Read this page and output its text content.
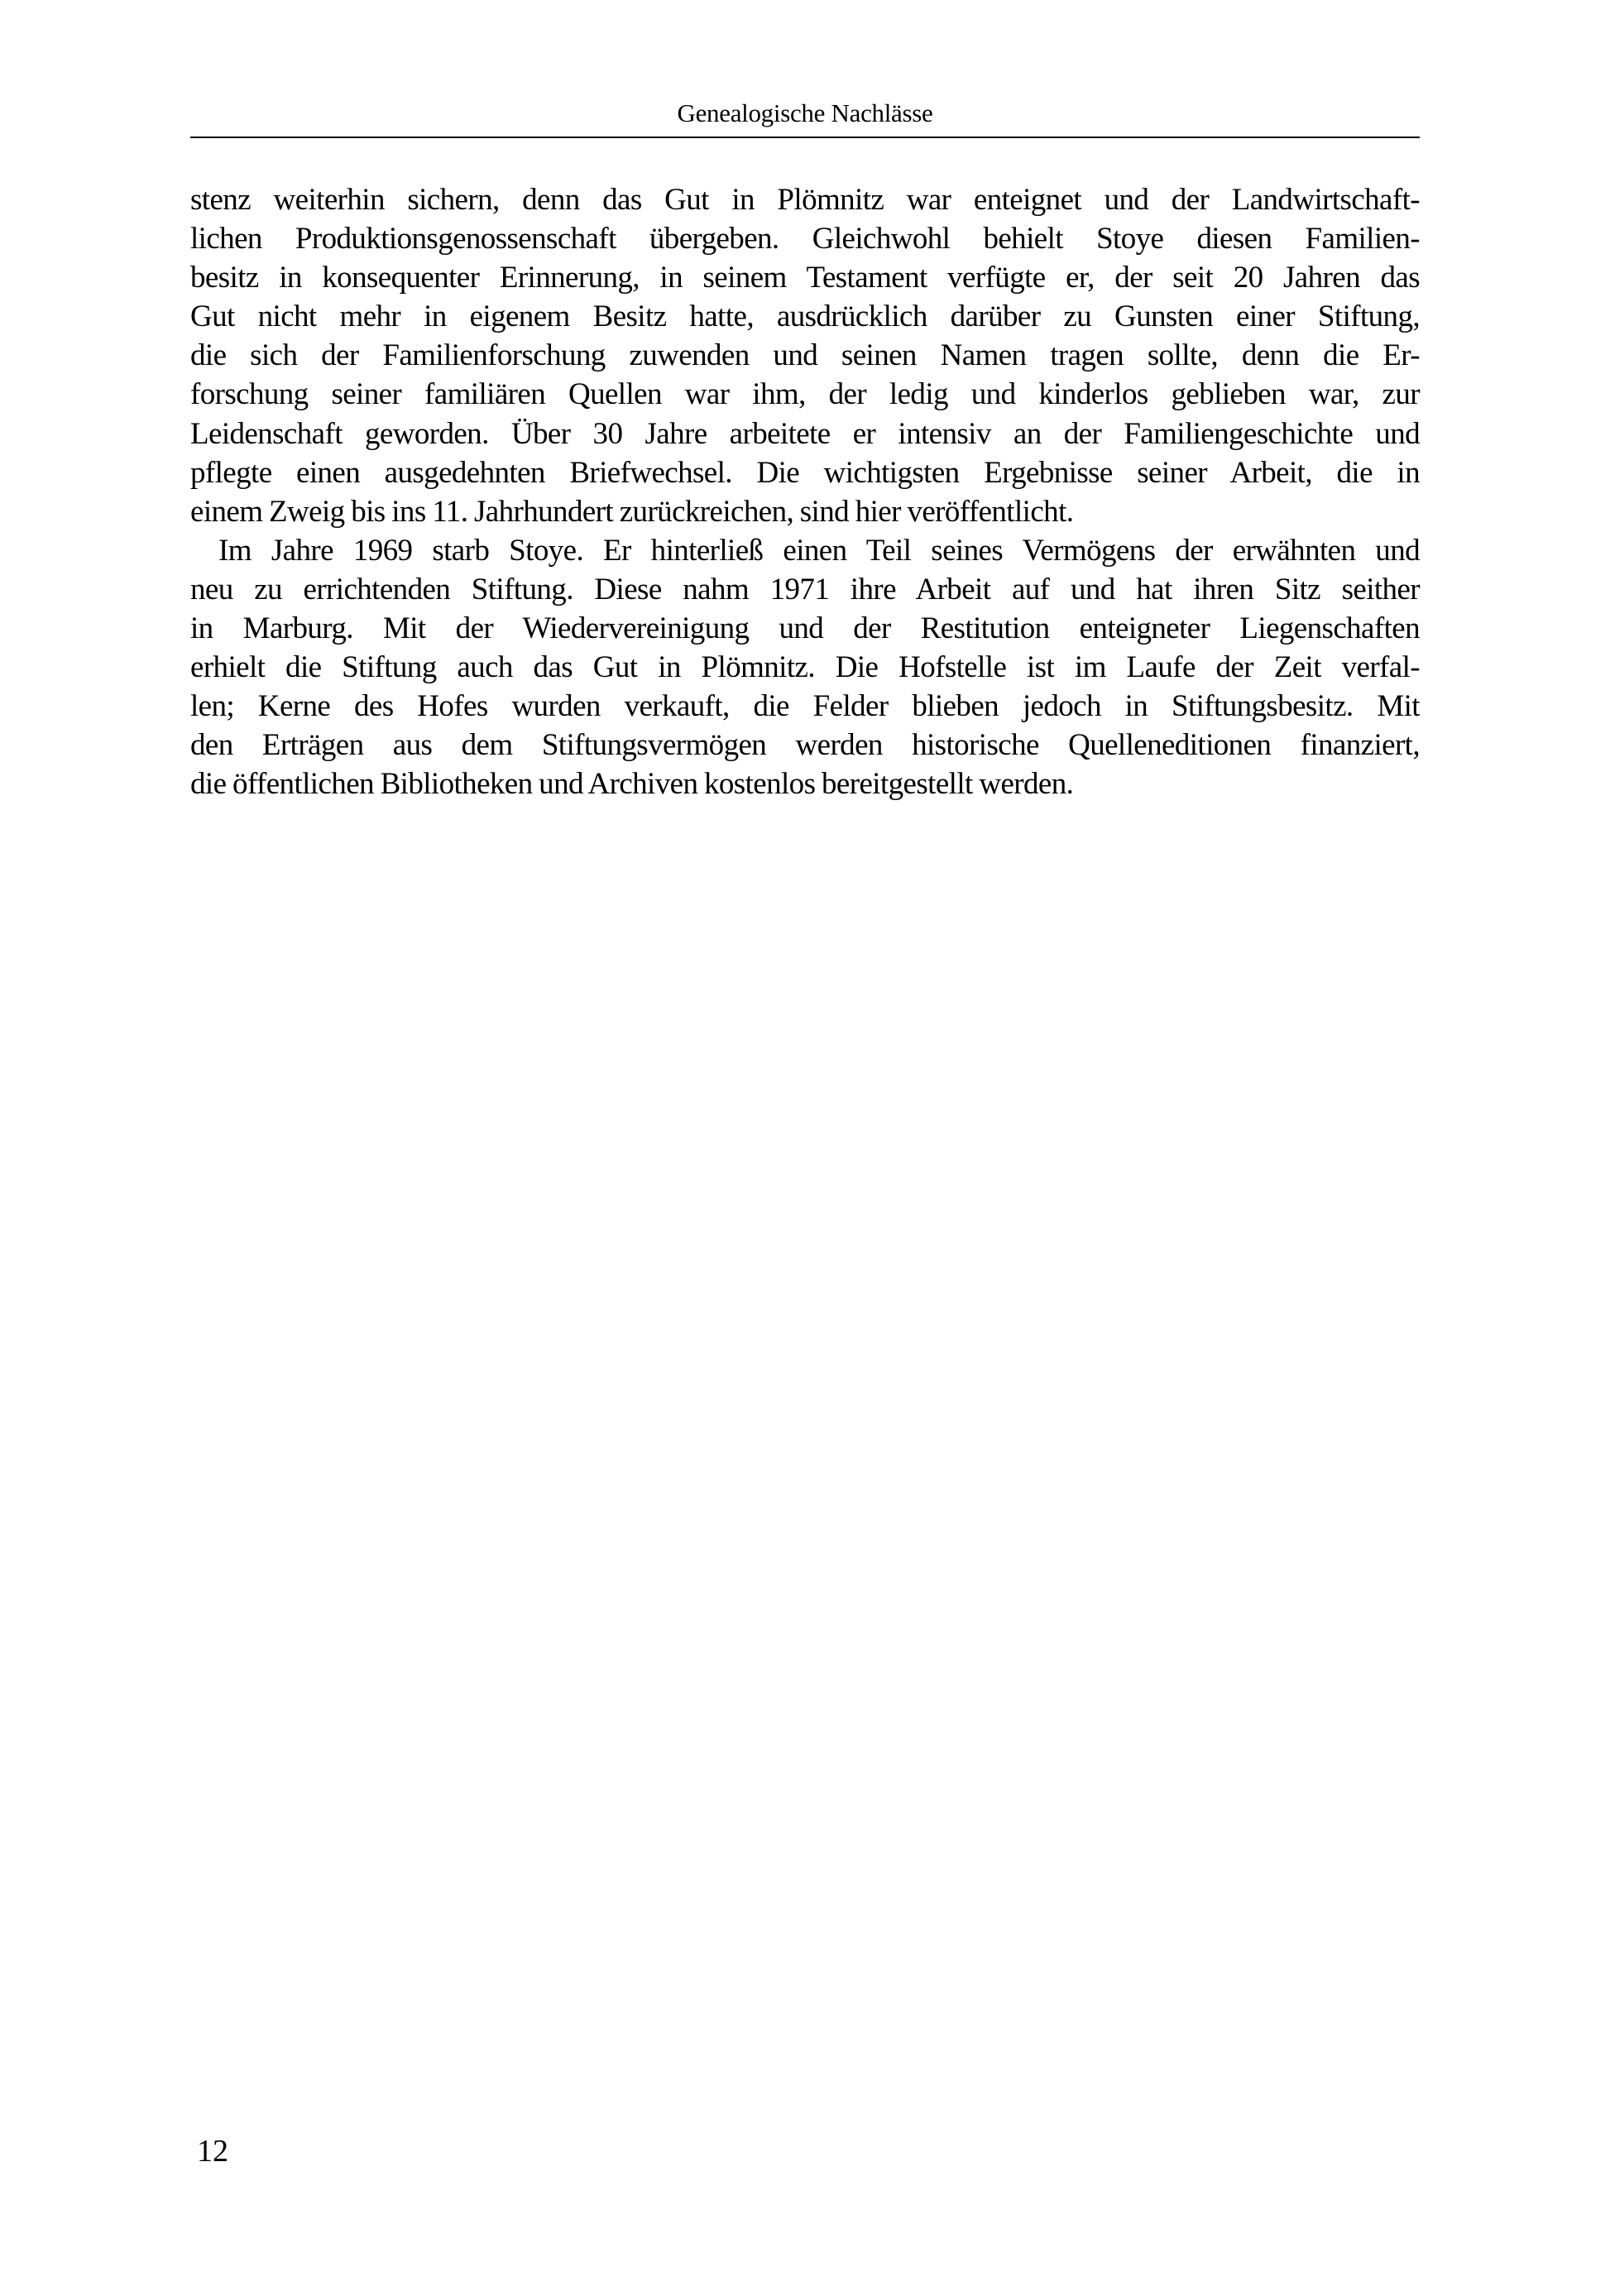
Genealogische Nachlässe
stenz weiterhin sichern, denn das Gut in Plömnitz war enteignet und der Landwirtschaft-
lichen Produktionsgenossenschaft übergeben. Gleichwohl behielt Stoye diesen Familien-
besitz in konsequenter Erinnerung, in seinem Testament verfügte er, der seit 20 Jahren das
Gut nicht mehr in eigenem Besitz hatte, ausdrücklich darüber zu Gunsten einer Stiftung,
die sich der Familienforschung zuwenden und seinen Namen tragen sollte, denn die Er-
forschung seiner familiären Quellen war ihm, der ledig und kinderlos geblieben war, zur
Leidenschaft geworden. Über 30 Jahre arbeitete er intensiv an der Familiengeschichte und
pflegte einen ausgedehnten Briefwechsel. Die wichtigsten Ergebnisse seiner Arbeit, die in
einem Zweig bis ins 11. Jahrhundert zurückreichen, sind hier veröffentlicht.
Im Jahre 1969 starb Stoye. Er hinterließ einen Teil seines Vermögens der erwähnten und
neu zu errichtenden Stiftung. Diese nahm 1971 ihre Arbeit auf und hat ihren Sitz seither
in Marburg. Mit der Wiedervereinigung und der Restitution enteigneter Liegenschaften
erhielt die Stiftung auch das Gut in Plömnitz. Die Hofstelle ist im Laufe der Zeit verfal-
len; Kerne des Hofes wurden verkauft, die Felder blieben jedoch in Stiftungsbesitz. Mit
den Erträgen aus dem Stiftungsvermögen werden historische Quelleneditionen finanziert,
die öffentlichen Bibliotheken und Archiven kostenlos bereitgestellt werden.
12
